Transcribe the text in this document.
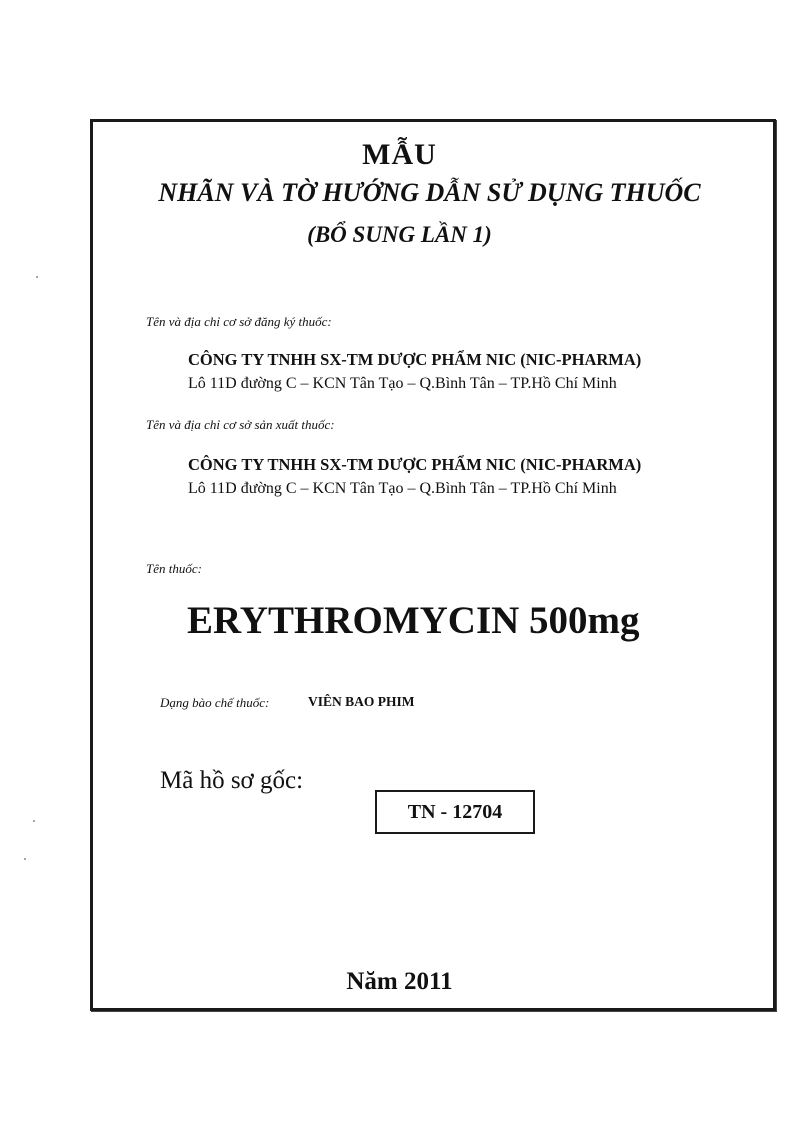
MẪU
NHÃN VÀ TỜ HƯỚNG DẪN SỬ DỤNG THUỐC
(BỔ SUNG LẦN 1)
Tên và địa chỉ cơ sở đăng ký thuốc:
CÔNG TY TNHH SX-TM DƯỢC PHẨM NIC (NIC-PHARMA)
Lô 11D đường C – KCN Tân Tạo – Q.Bình Tân – TP.Hồ Chí Minh
Tên và địa chỉ cơ sở sản xuất thuốc:
CÔNG TY TNHH SX-TM DƯỢC PHẨM NIC (NIC-PHARMA)
Lô 11D đường C – KCN Tân Tạo – Q.Bình Tân – TP.Hồ Chí Minh
Tên thuốc:
ERYTHROMYCIN 500mg
Dạng bào chế thuốc:	VIÊN BAO PHIM
Mã hồ sơ gốc:
TN - 12704
Năm 2011
